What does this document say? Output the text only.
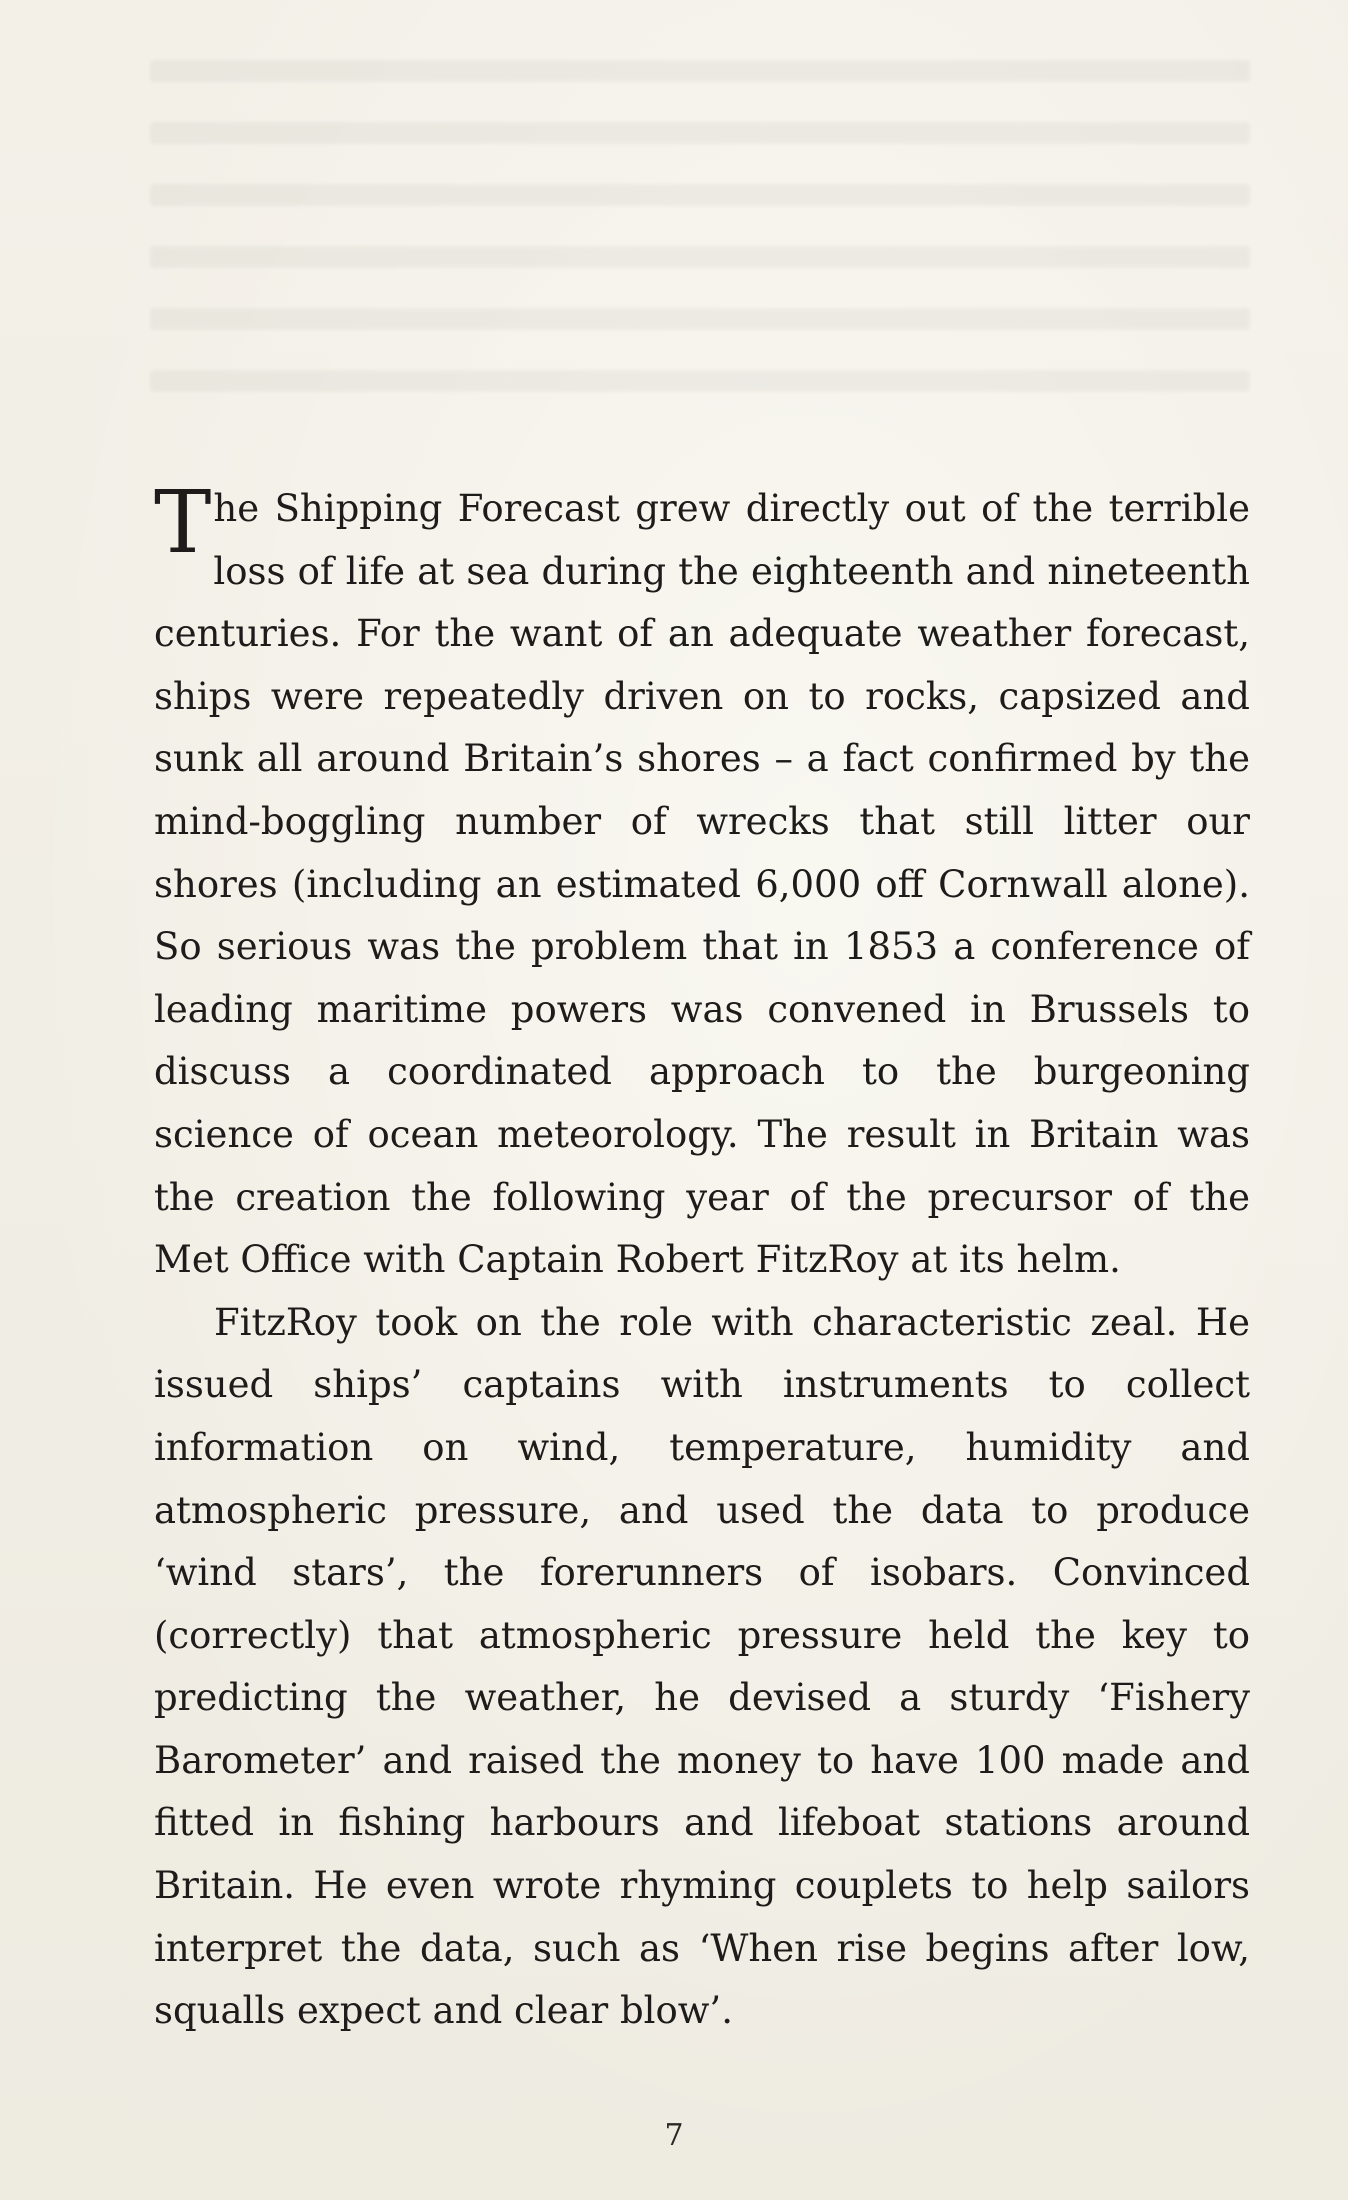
The Shipping Forecast grew directly out of the terrible loss of life at sea during the eighteenth and nineteenth centuries. For the want of an adequate weather forecast, ships were repeatedly driven on to rocks, capsized and sunk all around Britain’s shores – a fact confirmed by the mind-boggling number of wrecks that still litter our shores (including an estimated 6,000 off Cornwall alone). So serious was the problem that in 1853 a conference of leading maritime powers was convened in Brussels to discuss a coordinated approach to the burgeoning science of ocean meteorology. The result in Britain was the creation the following year of the precursor of the Met Office with Captain Robert FitzRoy at its helm.

FitzRoy took on the role with characteristic zeal. He issued ships’ captains with instruments to collect information on wind, temperature, humidity and atmospheric pressure, and used the data to produce ‘wind stars’, the forerunners of isobars. Convinced (correctly) that atmospheric pressure held the key to predicting the weather, he devised a sturdy ‘Fishery Barometer’ and raised the money to have 100 made and fitted in fishing harbours and lifeboat stations around Britain. He even wrote rhyming couplets to help sailors interpret the data, such as ‘When rise begins after low, squalls expect and clear blow’.

7
